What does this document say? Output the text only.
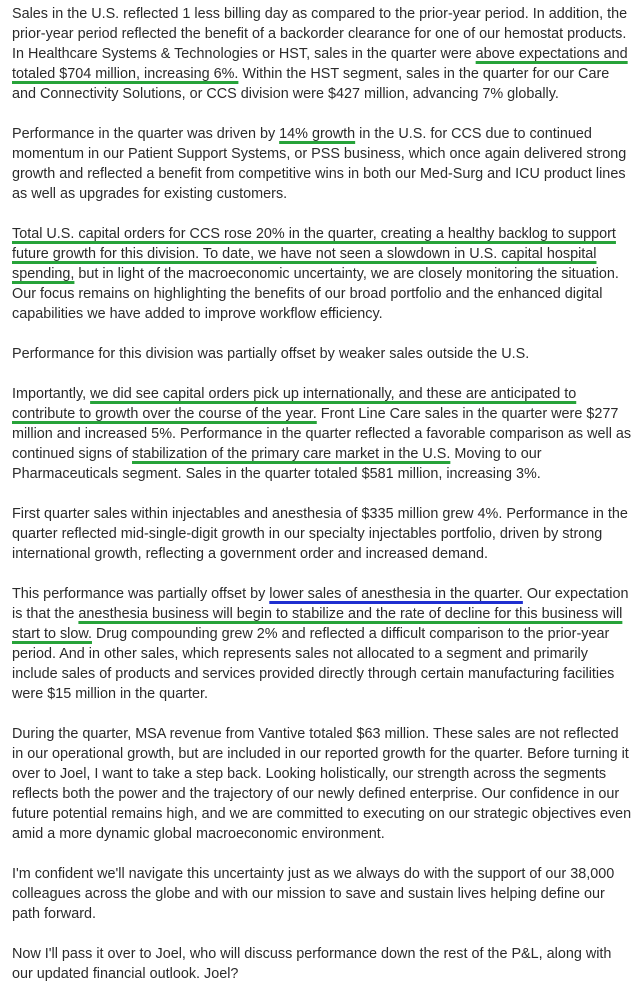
Sales in the U.S. reflected 1 less billing day as compared to the prior-year period. In addition, the prior-year period reflected the benefit of a backorder clearance for one of our hemostat products. In Healthcare Systems & Technologies or HST, sales in the quarter were above expectations and totaled $704 million, increasing 6%. Within the HST segment, sales in the quarter for our Care and Connectivity Solutions, or CCS division were $427 million, advancing 7% globally.

Performance in the quarter was driven by 14% growth in the U.S. for CCS due to continued momentum in our Patient Support Systems, or PSS business, which once again delivered strong growth and reflected a benefit from competitive wins in both our Med-Surg and ICU product lines as well as upgrades for existing customers.

Total U.S. capital orders for CCS rose 20% in the quarter, creating a healthy backlog to support future growth for this division. To date, we have not seen a slowdown in U.S. capital hospital spending, but in light of the macroeconomic uncertainty, we are closely monitoring the situation. Our focus remains on highlighting the benefits of our broad portfolio and the enhanced digital capabilities we have added to improve workflow efficiency.

Performance for this division was partially offset by weaker sales outside the U.S.

Importantly, we did see capital orders pick up internationally, and these are anticipated to contribute to growth over the course of the year. Front Line Care sales in the quarter were $277 million and increased 5%. Performance in the quarter reflected a favorable comparison as well as continued signs of stabilization of the primary care market in the U.S. Moving to our Pharmaceuticals segment. Sales in the quarter totaled $581 million, increasing 3%.

First quarter sales within injectables and anesthesia of $335 million grew 4%. Performance in the quarter reflected mid-single-digit growth in our specialty injectables portfolio, driven by strong international growth, reflecting a government order and increased demand.

This performance was partially offset by lower sales of anesthesia in the quarter. Our expectation is that the anesthesia business will begin to stabilize and the rate of decline for this business will start to slow. Drug compounding grew 2% and reflected a difficult comparison to the prior-year period. And in other sales, which represents sales not allocated to a segment and primarily include sales of products and services provided directly through certain manufacturing facilities were $15 million in the quarter.

During the quarter, MSA revenue from Vantive totaled $63 million. These sales are not reflected in our operational growth, but are included in our reported growth for the quarter. Before turning it over to Joel, I want to take a step back. Looking holistically, our strength across the segments reflects both the power and the trajectory of our newly defined enterprise. Our confidence in our future potential remains high, and we are committed to executing on our strategic objectives even amid a more dynamic global macroeconomic environment.

I'm confident we'll navigate this uncertainty just as we always do with the support of our 38,000 colleagues across the globe and with our mission to save and sustain lives helping define our path forward.

Now I'll pass it over to Joel, who will discuss performance down the rest of the P&L, along with our updated financial outlook. Joel?
